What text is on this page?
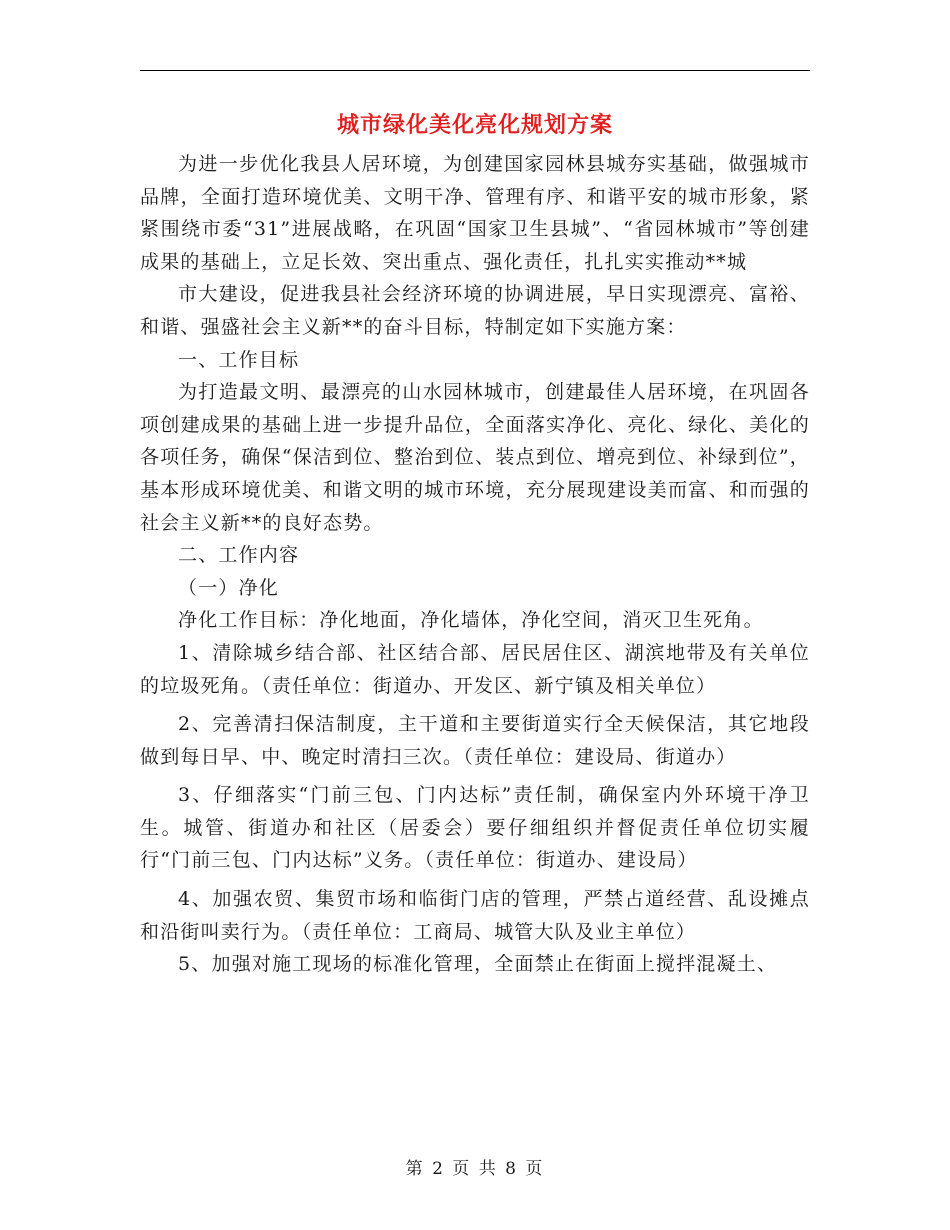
城市绿化美化亮化规划方案

为进一步优化我县人居环境，为创建国家园林县城夯实基础，做强城市品牌，全面打造环境优美、文明干净、管理有序、和谐平安的城市形象，紧紧围绕市委“31”进展战略，在巩固“国家卫生县城”、“省园林城市”等创建成果的基础上，立足长效、突出重点、强化责任，扎扎实实推动**城

市大建设，促进我县社会经济环境的协调进展，早日实现漂亮、富裕、和谐、强盛社会主义新**的奋斗目标，特制定如下实施方案：

一、工作目标

为打造最文明、最漂亮的山水园林城市，创建最佳人居环境，在巩固各项创建成果的基础上进一步提升品位，全面落实净化、亮化、绿化、美化的各项任务，确保“保洁到位、整治到位、装点到位、增亮到位、补绿到位”，基本形成环境优美、和谐文明的城市环境，充分展现建设美而富、和而强的社会主义新**的良好态势。

二、工作内容

（一）净化

净化工作目标：净化地面，净化墙体，净化空间，消灭卫生死角。

1、清除城乡结合部、社区结合部、居民居住区、湖滨地带及有关单位的垃圾死角。（责任单位：街道办、开发区、新宁镇及相关单位）

2、完善清扫保洁制度，主干道和主要街道实行全天候保洁，其它地段做到每日早、中、晚定时清扫三次。（责任单位：建设局、街道办）

3、仔细落实“门前三包、门内达标”责任制，确保室内外环境干净卫生。城管、街道办和社区（居委会）要仔细组织并督促责任单位切实履行“门前三包、门内达标”义务。（责任单位：街道办、建设局）

4、加强农贸、集贸市场和临街门店的管理，严禁占道经营、乱设摊点和沿街叫卖行为。（责任单位：工商局、城管大队及业主单位）

5、加强对施工现场的标准化管理，全面禁止在街面上搅拌混凝土、

第 2 页 共 8 页
